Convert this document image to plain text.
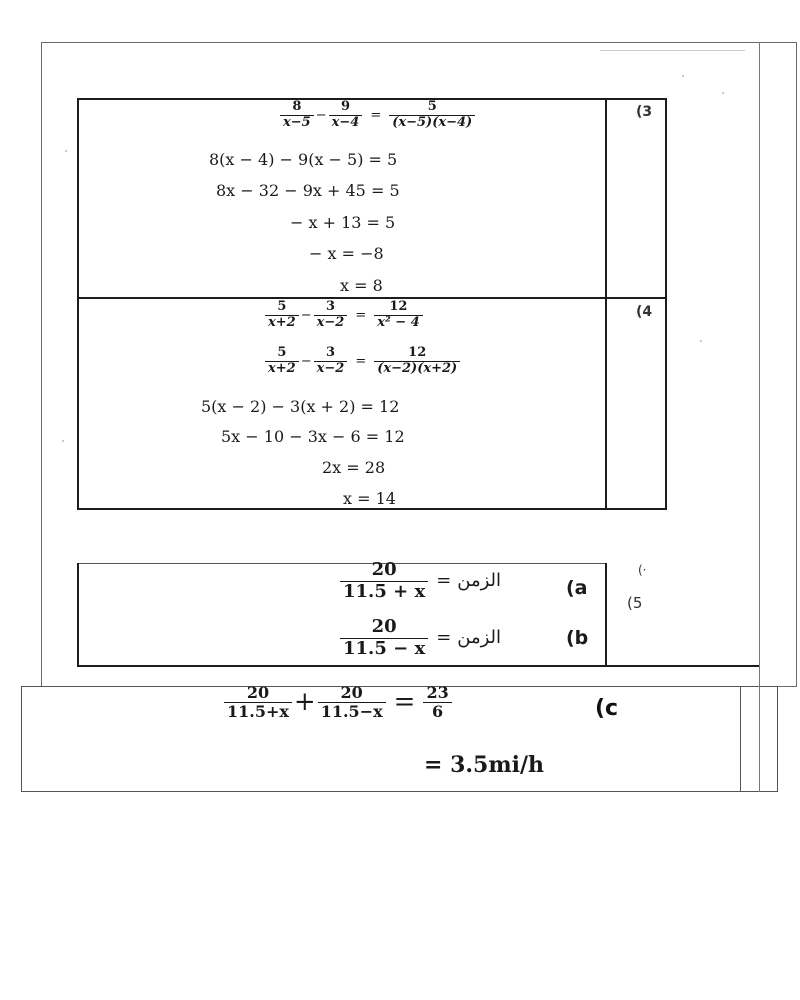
(3
$\frac{8}{x-5} - \frac{9}{x-4} = \frac{5}{(x-5)(x-4)}$
8(x − 4) − 9(x − 5) = 5
8x − 32 − 9x + 45 = 5
− x + 13 = 5
− x = −8
x = 8
(4
$\frac{5}{x+2} - \frac{3}{x-2} = \frac{12}{\text{x² − 4}}$
$\frac{5}{x+2} - \frac{3}{x-2} = \frac{12}{(x-2)(x+2)}$
5(x − 2) − 3(x + 2) = 12
5x − 10 − 3x − 6 = 12
2x = 28
x = 14
(·
(5
$\frac{20}{11.5 + x}$ = الزمن	(a
$\frac{20}{11.5 - x}$ = الزمن	(b
$\frac{20}{11.5+x} + \frac{20}{11.5-x} = \frac{23}{6}$	(c
= 3.5mi/h
